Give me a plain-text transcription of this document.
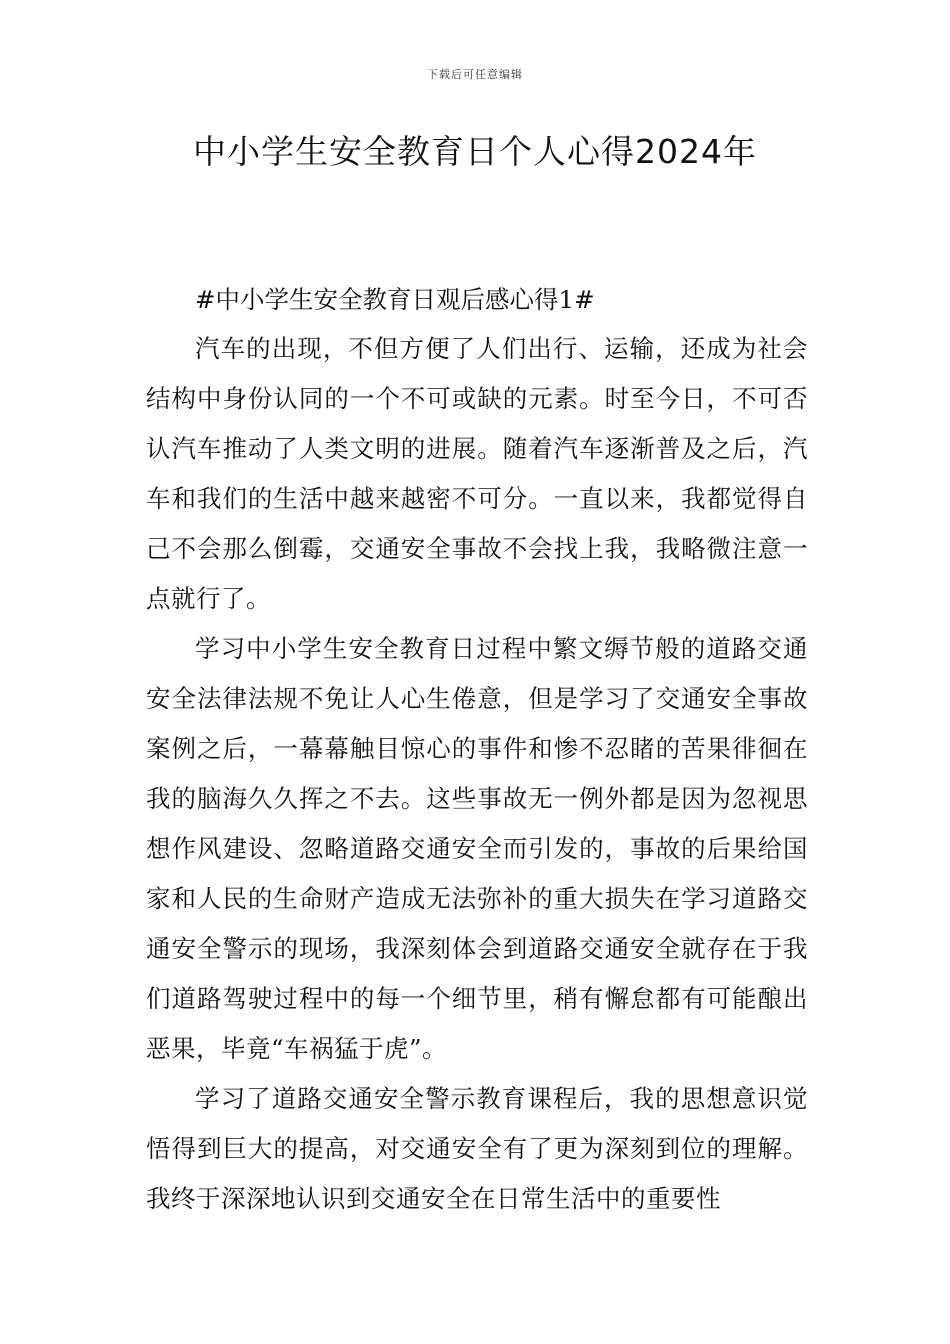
下载后可任意编辑
中小学生安全教育日个人心得2024年

#中小学生安全教育日观后感心得1#

汽车的出现，不但方便了人们出行、运输，还成为社会结构中身份认同的一个不可或缺的元素。时至今日，不可否认汽车推动了人类文明的进展。随着汽车逐渐普及之后，汽车和我们的生活中越来越密不可分。一直以来，我都觉得自己不会那么倒霉，交通安全事故不会找上我，我略微注意一点就行了。

学习中小学生安全教育日过程中繁文缛节般的道路交通安全法律法规不免让人心生倦意，但是学习了交通安全事故案例之后，一幕幕触目惊心的事件和惨不忍睹的苦果徘徊在我的脑海久久挥之不去。这些事故无一例外都是因为忽视思想作风建设、忽略道路交通安全而引发的，事故的后果给国家和人民的生命财产造成无法弥补的重大损失在学习道路交通安全警示的现场，我深刻体会到道路交通安全就存在于我们道路驾驶过程中的每一个细节里，稍有懈怠都有可能酿出恶果，毕竟“车祸猛于虎”。

学习了道路交通安全警示教育课程后，我的思想意识觉悟得到巨大的提高，对交通安全有了更为深刻到位的理解。我终于深深地认识到交通安全在日常生活中的重要性
